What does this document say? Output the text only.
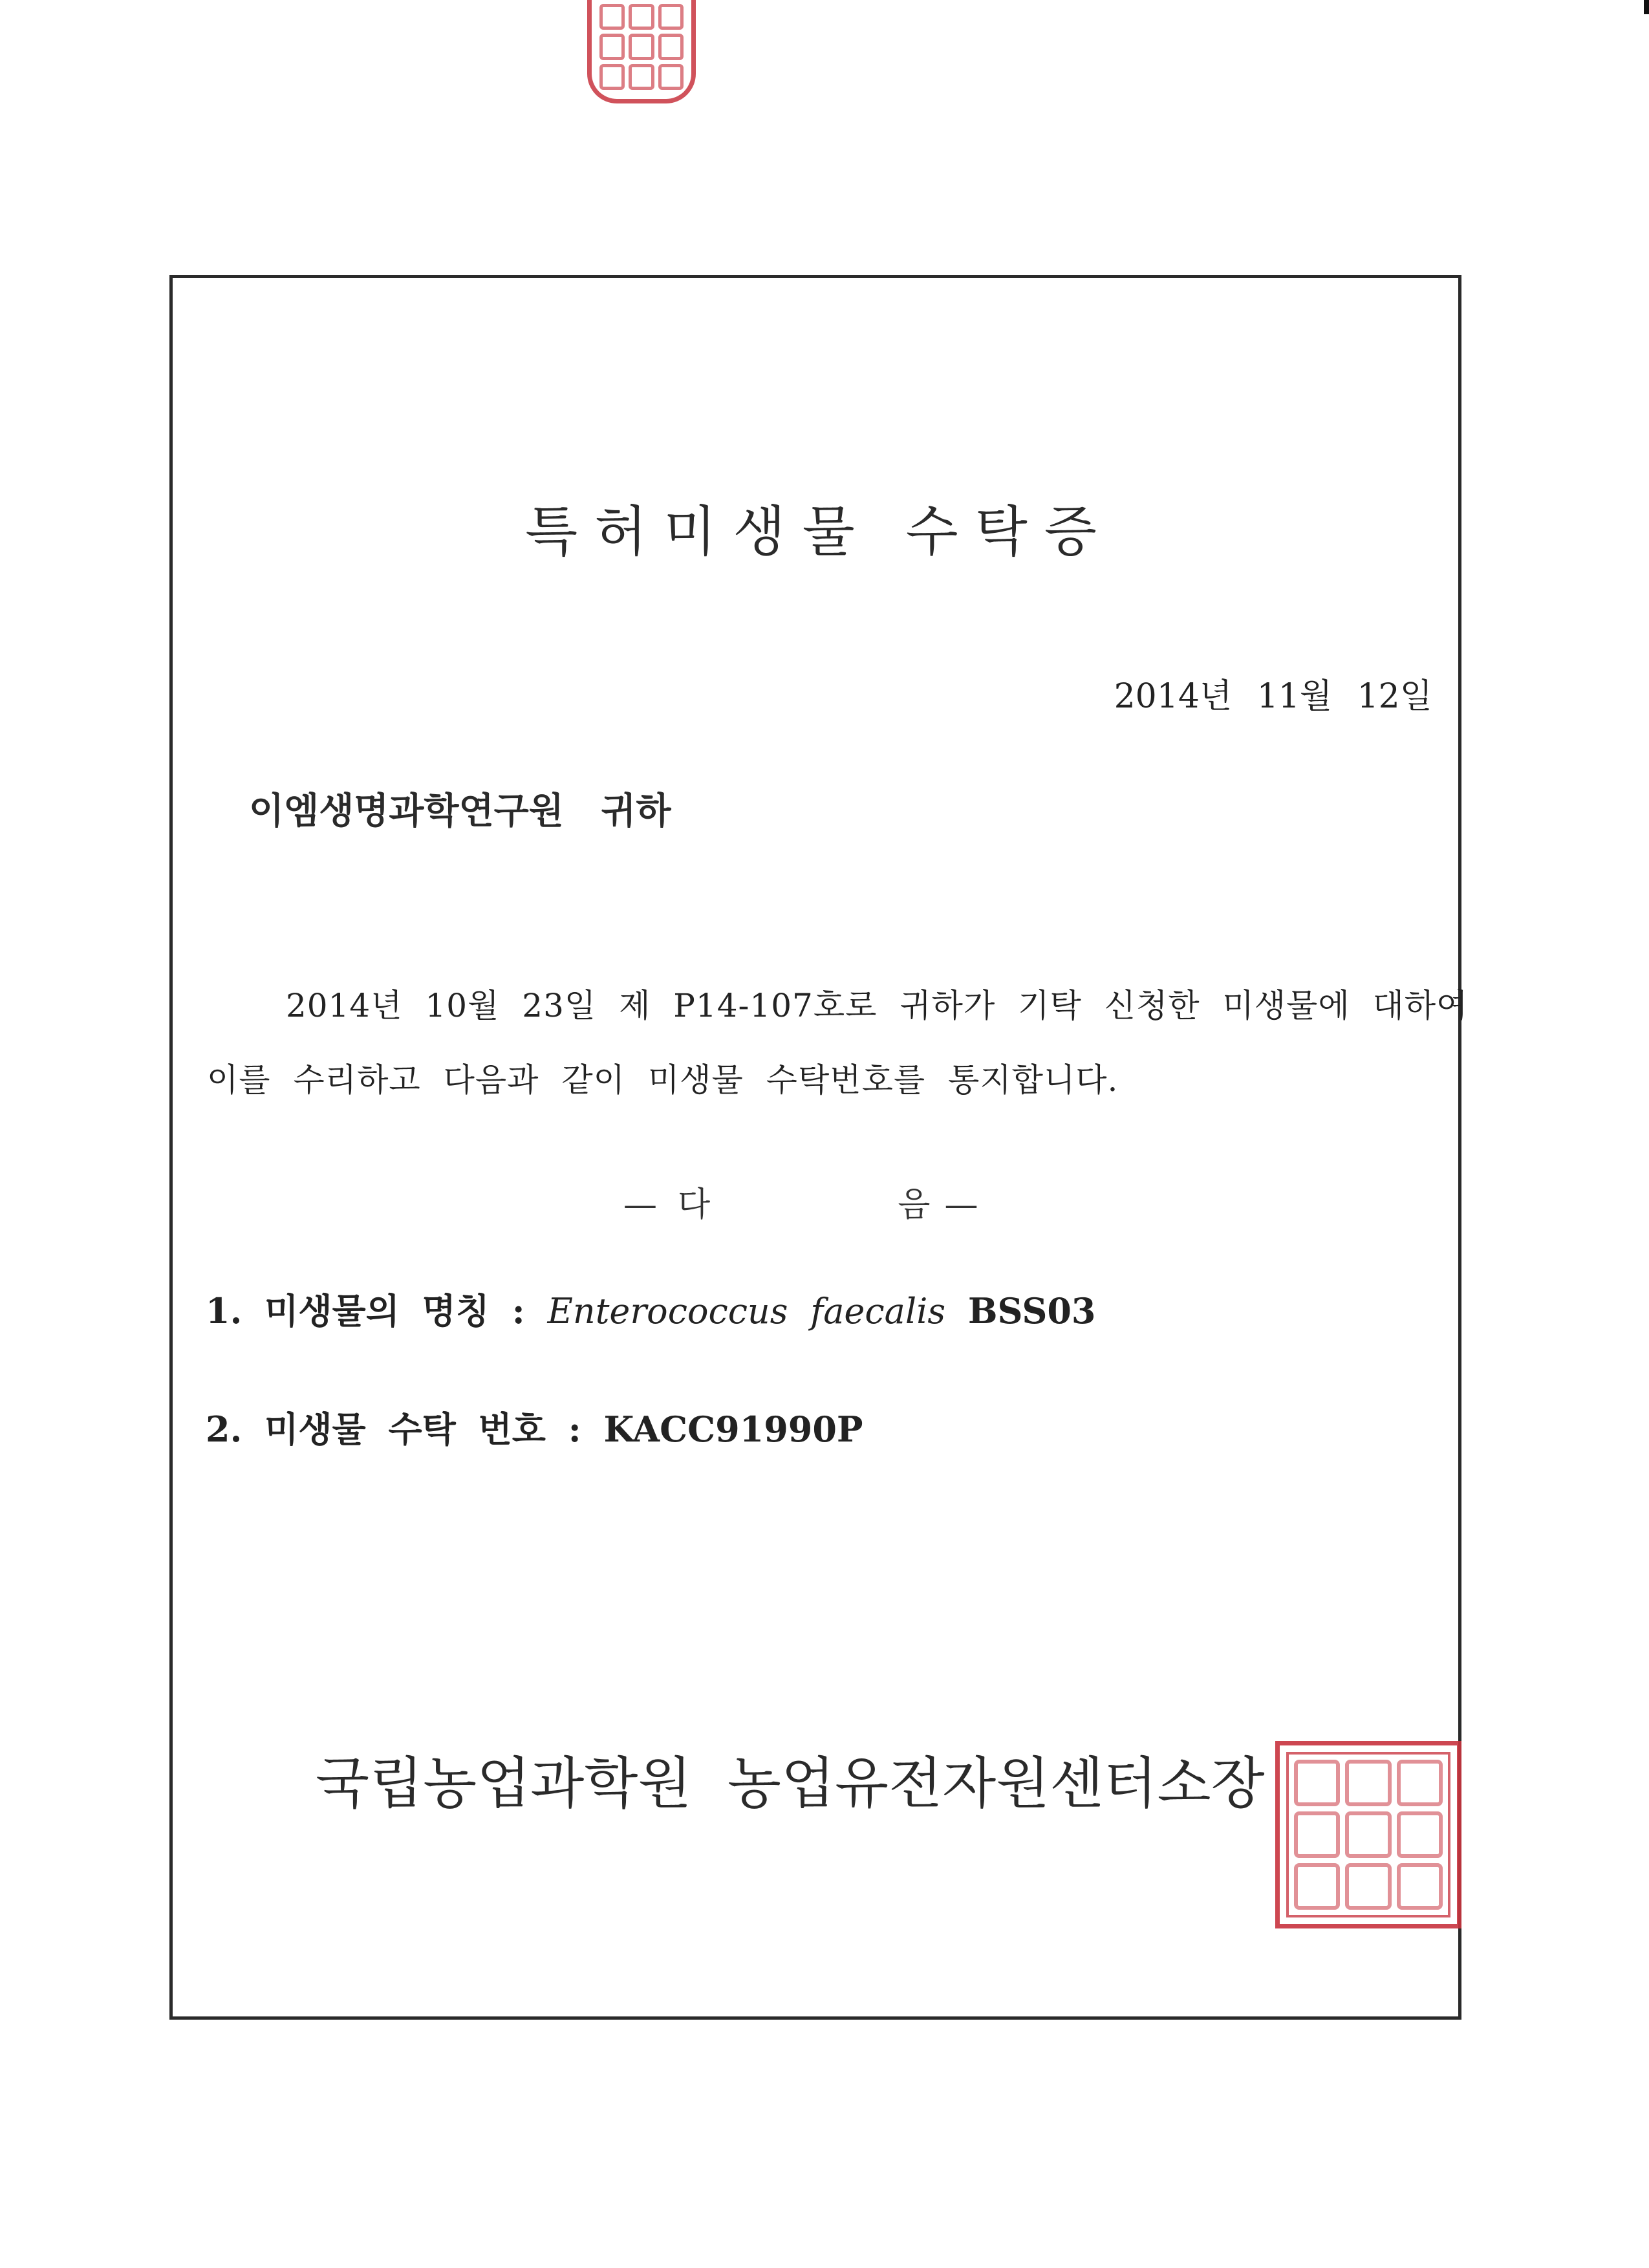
특허미생물 수탁증
2014년 11월 12일
이엠생명과학연구원 귀하
2014년 10월 23일 제 P14-107호로 귀하가 기탁 신청한 미생물에 대하여
이를 수리하고 다음과 같이 미생물 수탁번호를 통지합니다.
— 다	음 —
1. 미생물의 명칭 : Enterococcus faecalis BSS03
2. 미생물 수탁 번호 : KACC91990P
국립농업과학원 농업유전자원센터소장
